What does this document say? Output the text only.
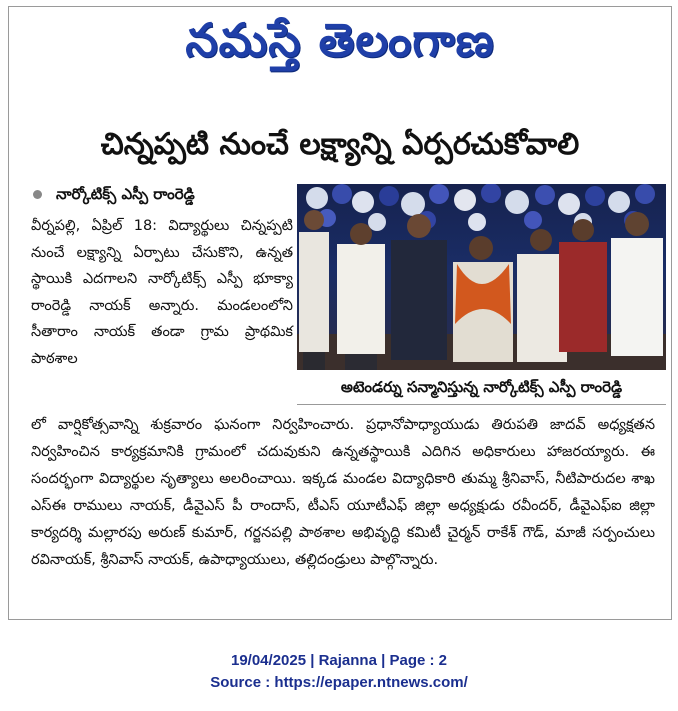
నమస్తే తెలంగాణ
చిన్నప్పటి నుంచే లక్ష్యాన్ని ఏర్పరచుకోవాలి
నార్కోటిక్స్ ఎస్పీ రాంరెడ్డి

వీర్నపల్లి, ఏప్రిల్ 18: విద్యార్థులు చిన్నప్పటి నుంచే లక్ష్యాన్ని ఏర్పాటు చేసుకొని, ఉన్నత స్థాయికి ఎదగాలని నార్కోటిక్స్ ఎస్పీ భూక్యా రాంరెడ్డి నాయక్ అన్నారు. మండలంలోని సీతారాం నాయక్ తండా గ్రామ ప్రాథమిక పాఠశాల

అటెండర్ను సన్మానిస్తున్న నార్కోటిక్స్ ఎస్పీ రాంరెడ్డి

లో వార్షికోత్సవాన్ని శుక్రవారం ఘనంగా నిర్వహించారు. ప్రధానోపాధ్యాయుడు తిరుపతి జాదవ్ అధ్యక్షతన నిర్వహించిన కార్యక్రమానికి గ్రామంలో చదువుకుని ఉన్నతస్థాయికి ఎదిగిన అధికారులు హాజరయ్యారు. ఈ సందర్భంగా విద్యార్థుల నృత్యాలు అలరించాయి. ఇక్కడ మండల విద్యాధికారి తుమ్మ శ్రీనివాస్, నీటిపారుదల శాఖ ఎస్ఈ రాములు నాయక్, డీవైఎస్ పీ రాందాస్, టీఎస్ యూటీఎఫ్ జిల్లా అధ్యక్షుడు రవీందర్, డీవైఎఫ్ఐ జిల్లా కార్యదర్శి మల్లారపు అరుణ్ కుమార్, గర్జనపల్లి పాఠశాల అభివృద్ధి కమిటీ చైర్మన్ రాకేశ్ గౌడ్, మాజీ సర్పంచులు రవినాయక్, శ్రీనివాస్ నాయక్, ఉపాధ్యాయులు, తల్లిదండ్రులు పాల్గొన్నారు.

19/04/2025 | Rajanna | Page : 2
Source : https://epaper.ntnews.com/
